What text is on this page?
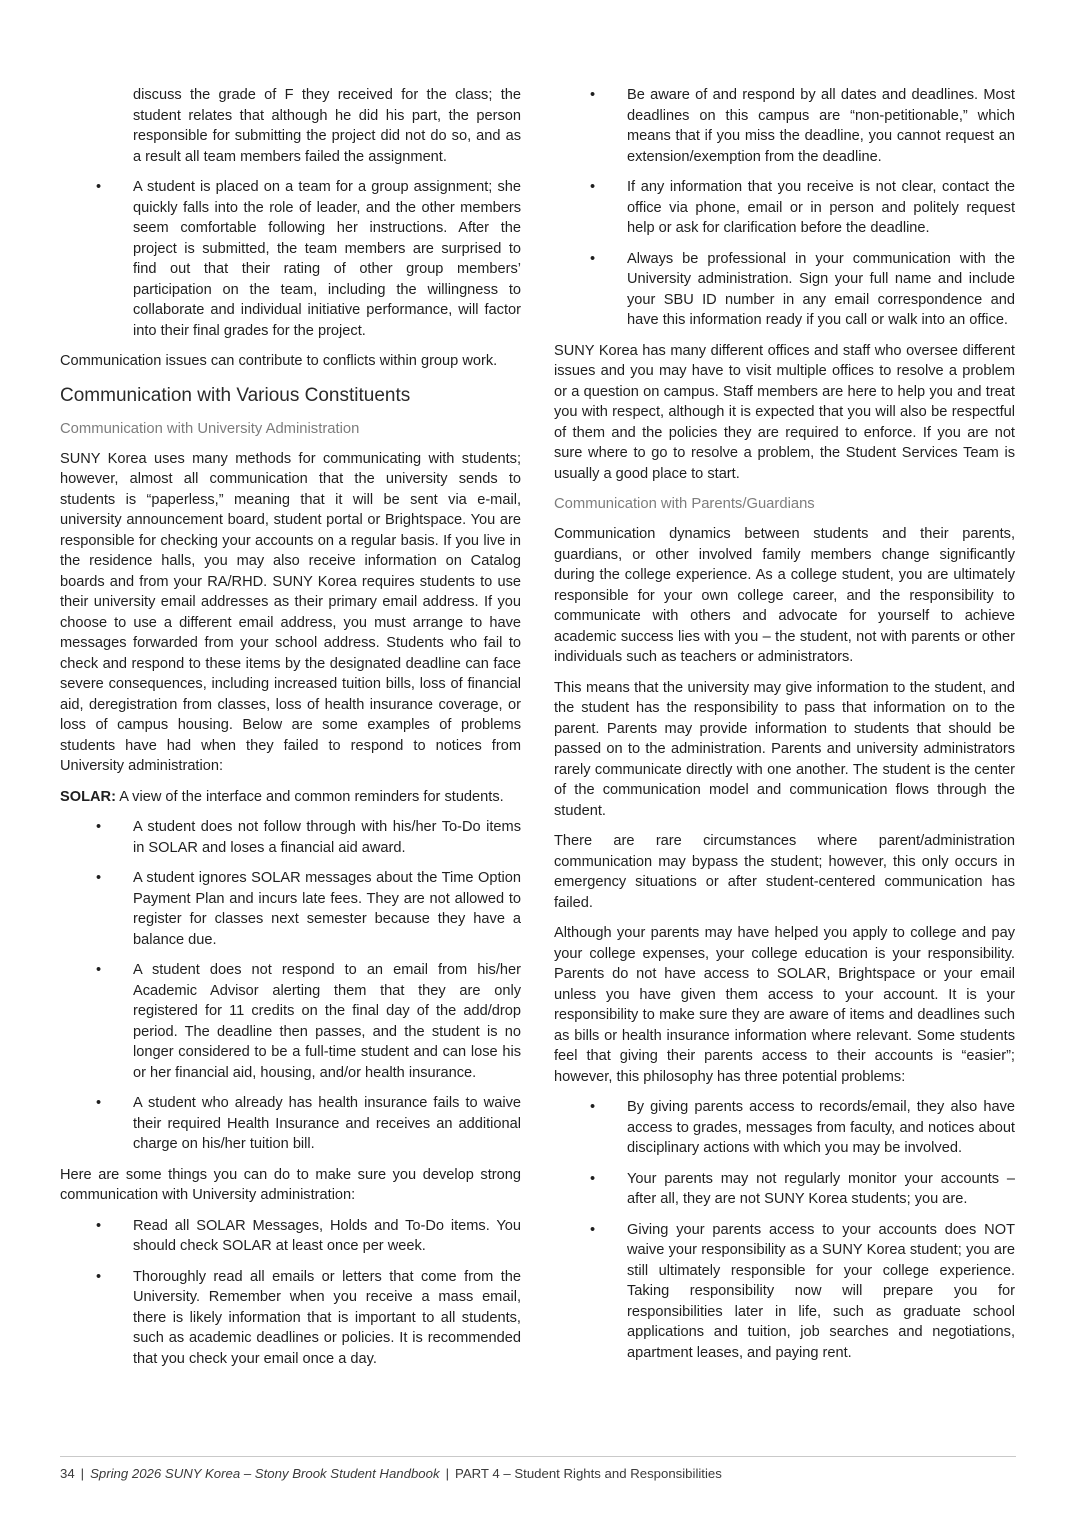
discuss the grade of F they received for the class; the student relates that although he did his part, the person responsible for submitting the project did not do so, and as a result all team members failed the assignment.

• A student is placed on a team for a group assignment; she quickly falls into the role of leader, and the other members seem comfortable following her instructions. After the project is submitted, the team members are surprised to find out that their rating of other group members’ participation on the team, including the willingness to collaborate and individual initiative performance, will factor into their final grades for the project.

Communication issues can contribute to conflicts within group work.

Communication with Various Constituents
Communication with University Administration

SUNY Korea uses many methods for communicating with students; however, almost all communication that the university sends to students is “paperless,” meaning that it will be sent via e-mail, university announcement board, student portal or Brightspace. You are responsible for checking your accounts on a regular basis. If you live in the residence halls, you may also receive information on Catalog boards and from your RA/RHD. SUNY Korea requires students to use their university email addresses as their primary email address. If you choose to use a different email address, you must arrange to have messages forwarded from your school address. Students who fail to check and respond to these items by the designated deadline can face severe consequences, including increased tuition bills, loss of financial aid, deregistration from classes, loss of health insurance coverage, or loss of campus housing. Below are some examples of problems students have had when they failed to respond to notices from University administration:

SOLAR: A view of the interface and common reminders for students.

• A student does not follow through with his/her To-Do items in SOLAR and loses a financial aid award.
• A student ignores SOLAR messages about the Time Option Payment Plan and incurs late fees. They are not allowed to register for classes next semester because they have a balance due.
• A student does not respond to an email from his/her Academic Advisor alerting them that they are only registered for 11 credits on the final day of the add/drop period. The deadline then passes, and the student is no longer considered to be a full-time student and can lose his or her financial aid, housing, and/or health insurance.
• A student who already has health insurance fails to waive their required Health Insurance and receives an additional charge on his/her tuition bill.

Here are some things you can do to make sure you develop strong communication with University administration:

• Read all SOLAR Messages, Holds and To-Do items. You should check SOLAR at least once per week.
• Thoroughly read all emails or letters that come from the University. Remember when you receive a mass email, there is likely information that is important to all students, such as academic deadlines or policies. It is recommended that you check your email once a day.
• Be aware of and respond by all dates and deadlines. Most deadlines on this campus are “non-petitionable,” which means that if you miss the deadline, you cannot request an extension/exemption from the deadline.
• If any information that you receive is not clear, contact the office via phone, email or in person and politely request help or ask for clarification before the deadline.
• Always be professional in your communication with the University administration. Sign your full name and include your SBU ID number in any email correspondence and have this information ready if you call or walk into an office.

SUNY Korea has many different offices and staff who oversee different issues and you may have to visit multiple offices to resolve a problem or a question on campus. Staff members are here to help you and treat you with respect, although it is expected that you will also be respectful of them and the policies they are required to enforce. If you are not sure where to go to resolve a problem, the Student Services Team is usually a good place to start.

Communication with Parents/Guardians

Communication dynamics between students and their parents, guardians, or other involved family members change significantly during the college experience. As a college student, you are ultimately responsible for your own college career, and the responsibility to communicate with others and advocate for yourself to achieve academic success lies with you – the student, not with parents or other individuals such as teachers or administrators.

This means that the university may give information to the student, and the student has the responsibility to pass that information on to the parent. Parents may provide information to students that should be passed on to the administration. Parents and university administrators rarely communicate directly with one another. The student is the center of the communication model and communication flows through the student.

There are rare circumstances where parent/administration communication may bypass the student; however, this only occurs in emergency situations or after student-centered communication has failed.

Although your parents may have helped you apply to college and pay your college expenses, your college education is your responsibility. Parents do not have access to SOLAR, Brightspace or your email unless you have given them access to your account. It is your responsibility to make sure they are aware of items and deadlines such as bills or health insurance information where relevant. Some students feel that giving their parents access to their accounts is “easier”; however, this philosophy has three potential problems:

• By giving parents access to records/email, they also have access to grades, messages from faculty, and notices about disciplinary actions with which you may be involved.
• Your parents may not regularly monitor your accounts – after all, they are not SUNY Korea students; you are.
• Giving your parents access to your accounts does NOT waive your responsibility as a SUNY Korea student; you are still ultimately responsible for your college experience. Taking responsibility now will prepare you for responsibilities later in life, such as graduate school applications and tuition, job searches and negotiations, apartment leases, and paying rent.
34 | Spring 2026 SUNY Korea – Stony Brook Student Handbook | PART 4 – Student Rights and Responsibilities
